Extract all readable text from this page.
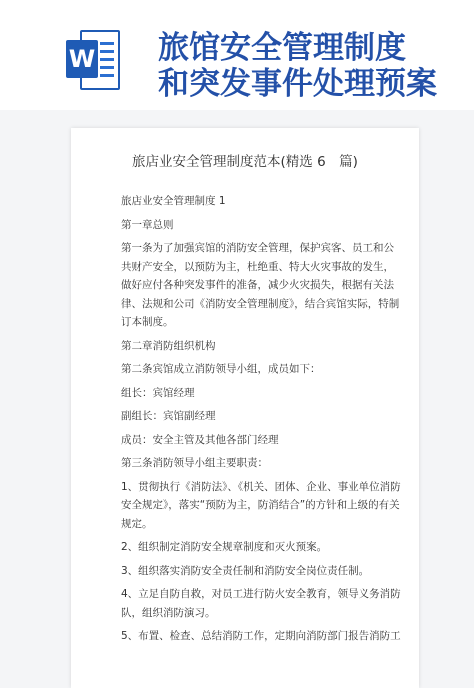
W 旅馆安全管理制度
和突发事件处理预案
旅店业安全管理制度范本(精选 6　篇)

旅店业安全管理制度 1

第一章总则

第一条为了加强宾馆的消防安全管理，保护宾客、员工和公共财产安全，以预防为主，杜绝重、特大火灾事故的发生，做好应付各种突发事件的准备，减少火灾损失，根据有关法律、法规和公司《消防安全管理制度》，结合宾馆实际，特制订本制度。

第二章消防组织机构

第二条宾馆成立消防领导小组，成员如下：

组长：宾馆经理

副组长：宾馆副经理

成员：安全主管及其他各部门经理

第三条消防领导小组主要职责：

1、贯彻执行《消防法》、《机关、团体、企业、事业单位消防安全规定》，落实“预防为主，防消结合”的方针和上级的有关规定。

2、组织制定消防安全规章制度和灭火预案。

3、组织落实消防安全责任制和消防安全岗位责任制。

4、立足自防自救，对员工进行防火安全教育，领导义务消防队，组织消防演习。

5、布置、检查、总结消防工作，定期向消防部门报告消防工
